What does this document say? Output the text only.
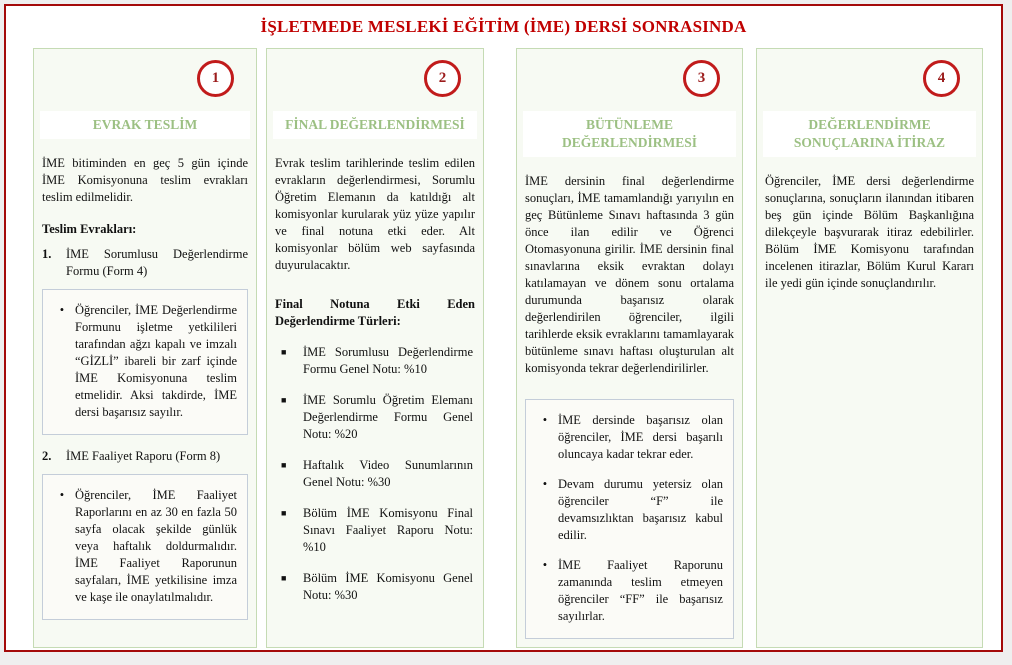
İŞLETMEDE MESLEKİ EĞİTİM (İME) DERSİ SONRASINDA
1
EVRAK TESLİM

İME bitiminden en geç 5 gün içinde İME Komisyonuna teslim evrakları teslim edilmelidir.

Teslim Evrakları:

1.	İME Sorumlusu Değerlendirme Formu (Form 4)
• Öğrenciler, İME Değerlendirme Formunu işletme yetkilileri tarafından ağzı kapalı ve imzalı “GİZLİ” ibareli bir zarf içinde İME Komisyonuna teslim etmelidir. Aksi takdirde, İME dersi başarısız sayılır.
2.	İME Faaliyet Raporu (Form 8)
• Öğrenciler, İME Faaliyet Raporlarını en az 30 en fazla 50 sayfa olacak şekilde günlük veya haftalık doldurmalıdır. İME Faaliyet Raporunun sayfaları, İME yetkilisine imza ve kaşe ile onaylatılmalıdır.
2
FİNAL DEĞERLENDİRMESİ

Evrak teslim tarihlerinde teslim edilen evrakların değerlendirmesi, Sorumlu Öğretim Elemanın da katıldığı alt komisyonlar kurularak yüz yüze yapılır ve final notuna etki eder. Alt komisyonlar bölüm web sayfasında duyurulacaktır.

Final Notuna Etki Eden Değerlendirme Türleri:

■	İME Sorumlusu Değerlendirme Formu Genel Notu: %10
■	İME Sorumlu Öğretim Elemanı Değerlendirme Formu Genel Notu: %20
■	Haftalık Video Sunumlarının Genel Notu: %30
■	Bölüm İME Komisyonu Final Sınavı Faaliyet Raporu Notu: %10
■	Bölüm İME Komisyonu Genel Notu: %30
3
BÜTÜNLEME DEĞERLENDİRMESİ

İME dersinin final değerlendirme sonuçları, İME tamamlandığı yarıyılın en geç Bütünleme Sınavı haftasında 3 gün önce ilan edilir ve Öğrenci Otomasyonuna girilir. İME dersinin final sınavlarına eksik evraktan dolayı katılamayan ve dönem sonu ortalama durumunda başarısız olarak değerlendirilen öğrenciler, ilgili tarihlerde eksik evraklarını tamamlayarak bütünleme sınavı haftası oluşturulan alt komisyonda tekrar değerlendirilirler.

• İME dersinde başarısız olan öğrenciler, İME dersi başarılı oluncaya kadar tekrar eder.
• Devam durumu yetersiz olan öğrenciler “F” ile devamsızlıktan başarısız kabul edilir.
• İME Faaliyet Raporunu zamanında teslim etmeyen öğrenciler “FF” ile başarısız sayılırlar.
4
DEĞERLENDİRME SONUÇLARINA İTİRAZ

Öğrenciler, İME dersi değerlendirme sonuçlarına, sonuçların ilanından itibaren beş gün içinde Bölüm Başkanlığına dilekçeyle başvurarak itiraz edebilirler. Bölüm İME Komisyonu tarafından incelenen itirazlar, Bölüm Kurul Kararı ile yedi gün içinde sonuçlandırılır.
